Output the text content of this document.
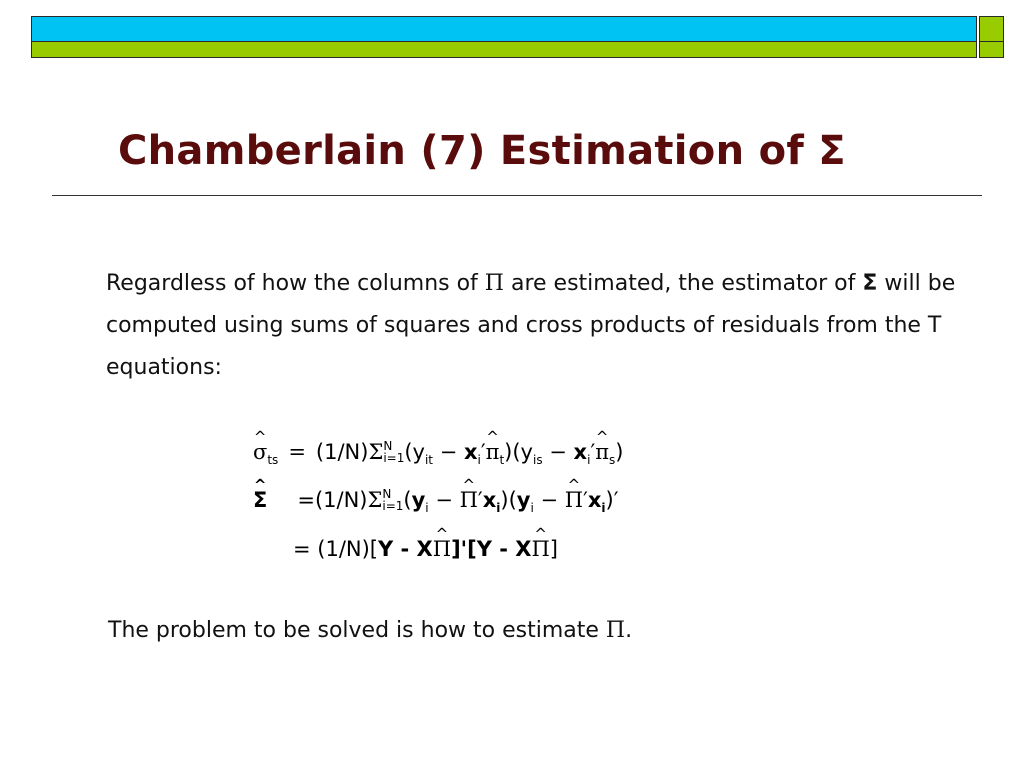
Chamberlain (7) Estimation of Σ
Regardless of how the columns of Π are estimated, the estimator of Σ will be computed using sums of squares and cross products of residuals from the T equations:
^ $\sigma_{ts} = (1/N)\Sigma N$
$i=1(y_{it}$ − $x_i'\^{}$ $\pi_t)(y_{is}$ − $x_i'\^{}$ $\pi_s$)
^ Σ =(1/N)ΣN
$i=1(y_i$ − ^ $\Pi'x_i)(y_i$ − ^ $\Pi'x_i)'$
= (1/N)[Y - X^ Π]'[Y - X^ Π]
The problem to be solved is how to estimate Π.
